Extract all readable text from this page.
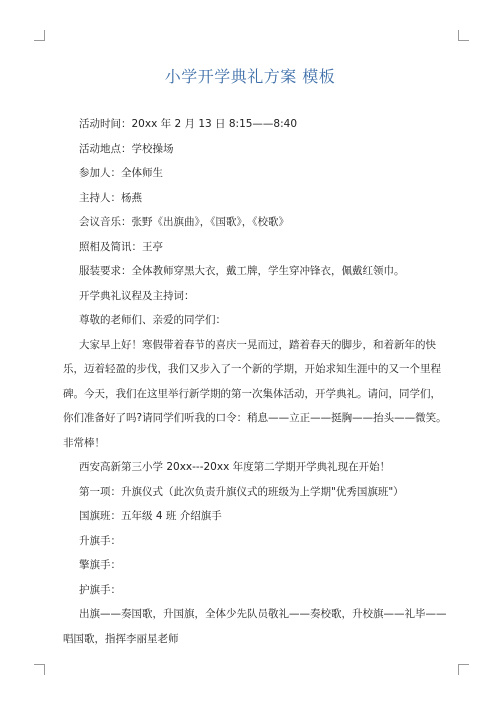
小学开学典礼方案 模板

活动时间：20xx 年 2 月 13 日 8:15——8:40

活动地点：学校操场

参加人：全体师生

主持人：杨燕

会议音乐：张野《出旗曲》，《国歌》，《校歌》

照相及简讯：王亭

服装要求：全体教师穿黑大衣，戴工牌，学生穿冲锋衣，佩戴红领巾。

开学典礼议程及主持词：

尊敬的老师们、亲爱的同学们：

大家早上好！寒假带着春节的喜庆一晃而过，踏着春天的脚步，和着新年的快乐，迈着轻盈的步伐，我们又步入了一个新的学期，开始求知生涯中的又一个里程碑。今天，我们在这里举行新学期的第一次集体活动，开学典礼。请问，同学们，你们准备好了吗?请同学们听我的口令：稍息——立正——挺胸——抬头——微笑。非常棒！

西安高新第三小学 20xx---20xx 年度第二学期开学典礼现在开始！

第一项：升旗仪式（此次负责升旗仪式的班级为上学期"优秀国旗班"）

国旗班：五年级 4 班 介绍旗手

升旗手：

擎旗手：

护旗手：

出旗——奏国歌，升国旗，全体少先队员敬礼——奏校歌，升校旗——礼毕——唱国歌，指挥李丽星老师
